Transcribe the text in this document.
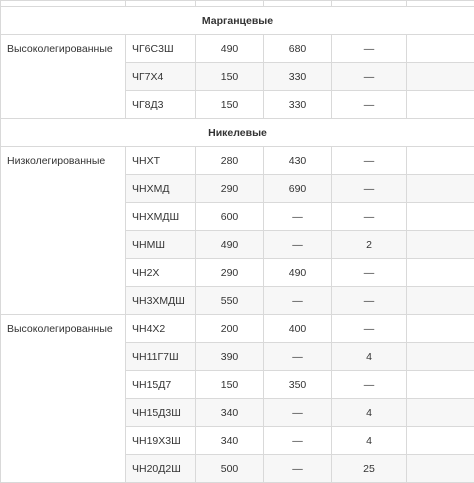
Марганцевые						
Высоколегированные	ЧГ6С3Ш	490	680	—		
	ЧГ7Х4	150	330	—		
	ЧГ8Д3	150	330	—		
Никелевые						
Низколегированные	ЧНХТ	280	430	—		
	ЧНХМД	290	690	—		
	ЧНХМДШ	600	—	—		
	ЧНМШ	490	—	2		
	ЧН2Х	290	490	—		
	ЧН3ХМДШ	550	—	—		
Высоколегированные	ЧН4Х2	200	400	—		
	ЧН11Г7Ш	390	—	4		
	ЧН15Д7	150	350	—		
	ЧН15Д3Ш	340	—	4		
	ЧН19Х3Ш	340	—	4		
	ЧН20Д2Ш	500	—	25		
